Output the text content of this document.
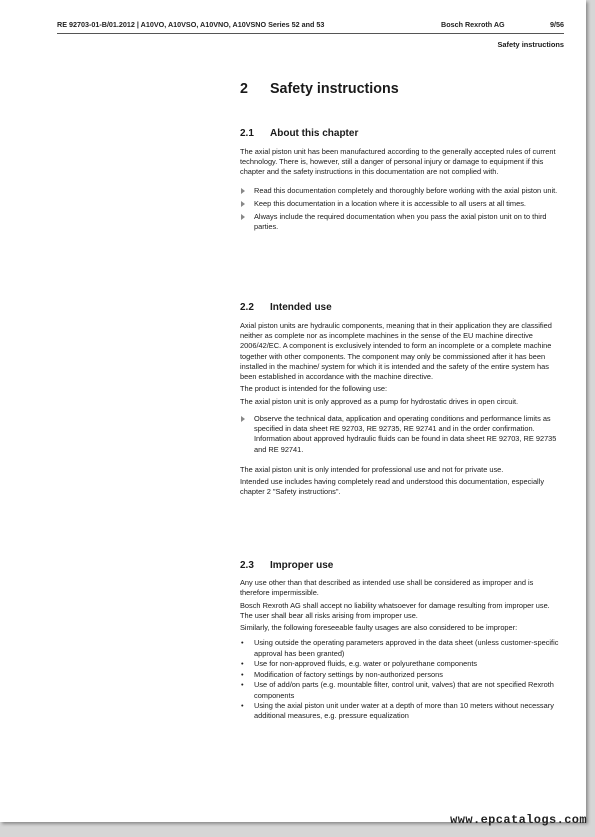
RE 92703-01-B/01.2012 | A10VO, A10VSO, A10VNO, A10VSNO Series 52 and 53	Bosch Rexroth AG	9/56
Safety instructions
2 Safety instructions
2.1 About this chapter

The axial piston unit has been manufactured according to the generally accepted rules of current technology. There is, however, still a danger of personal injury or damage to equipment if this chapter and the safety instructions in this documentation are not complied with.

Read this documentation completely and thoroughly before working with the axial piston unit.
Keep this documentation in a location where it is accessible to all users at all times.
Always include the required documentation when you pass the axial piston unit on to third parties.
2.2 Intended use

Axial piston units are hydraulic components, meaning that in their application they are classified neither as complete nor as incomplete machines in the sense of the EU machine directive 2006/42/EC. A component is exclusively intended to form an incomplete or a complete machine together with other components. The component may only be commissioned after it has been installed in the machine/ system for which it is intended and the safety of the entire system has been established in accordance with the machine directive.

The product is intended for the following use:

The axial piston unit is only approved as a pump for hydrostatic drives in open circuit.

Observe the technical data, application and operating conditions and performance limits as specified in data sheet RE 92703, RE 92735, RE 92741 and in the order confirmation. Information about approved hydraulic fluids can be found in data sheet RE 92703, RE 92735 and RE 92741.

The axial piston unit is only intended for professional use and not for private use.

Intended use includes having completely read and understood this documentation, especially chapter 2 "Safety instructions".

2.3 Improper use

Any use other than that described as intended use shall be considered as improper and is therefore impermissible.

Bosch Rexroth AG shall accept no liability whatsoever for damage resulting from improper use. The user shall bear all risks arising from improper use.

Similarly, the following foreseeable faulty usages are also considered to be improper:

• Using outside the operating parameters approved in the data sheet (unless customer-specific approval has been granted)
• Use for non-approved fluids, e.g. water or polyurethane components
• Modification of factory settings by non-authorized persons
• Use of add/on parts (e.g. mountable filter, control unit, valves) that are not specified Rexroth components
• Using the axial piston unit under water at a depth of more than 10 meters without necessary additional measures, e.g. pressure equalization
www.epcatalogs.com
